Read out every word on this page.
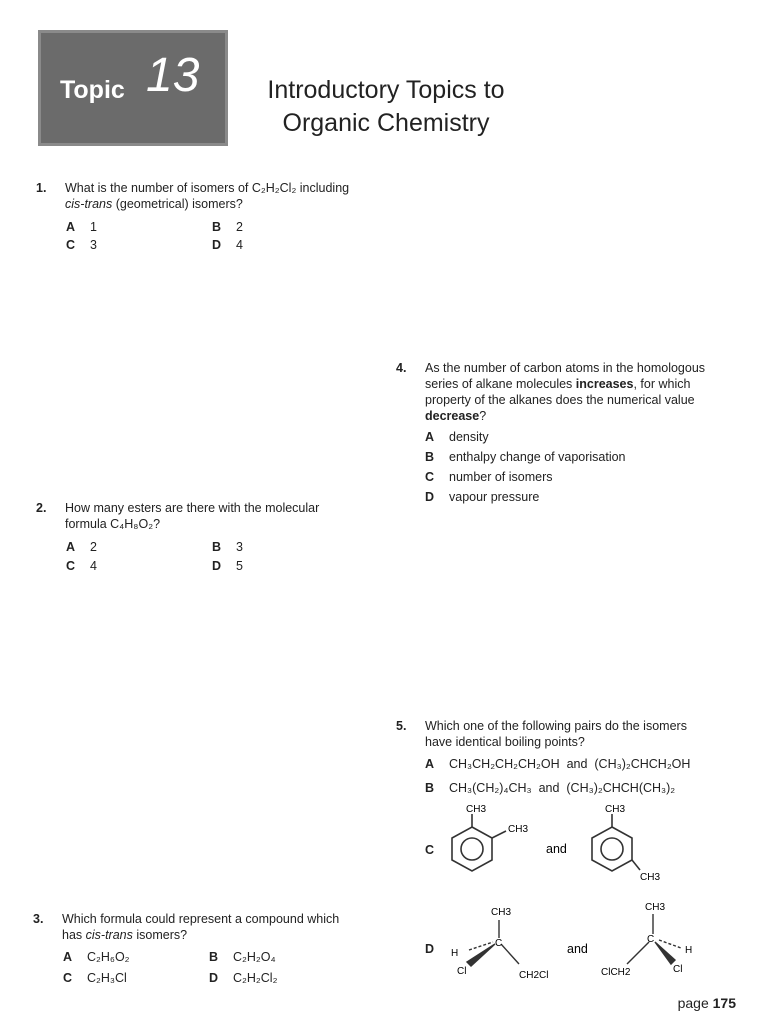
Topic 13	Introductory Topics to
Organic Chemistry
1. What is the number of isomers of C₂H₂Cl₂ including
cis-trans (geometrical) isomers?
A 1	B 2
C 3	D 4
4. As the number of carbon atoms in the homologous
series of alkane molecules increases, for which
property of the alkanes does the numerical value
decrease?
A density
B enthalpy change of vaporisation
C number of isomers
D vapour pressure
2. How many esters are there with the molecular
formula C₄H₈O₂?
A 2	B 3
C 4	D 5
5. Which one of the following pairs do the isomers
have identical boiling points?
A CH₃CH₂CH₂CH₂OH and (CH₃)₂CHCH₂OH
B CH₃(CH₂)₄CH₃ and (CH₃)₂CHCH(CH₃)₂
C
CH3
CH3
and
CH3
CH3
3. Which formula could represent a compound which
has cis-trans isomers?
A C₂H₆O₂	B C₂H₂O₄
C C₂H₃Cl	D C₂H₂Cl₂
D
CH3
C
H
Cl	CH2Cl
and
CH3
C
H
Cl
ClCH2
page 175
